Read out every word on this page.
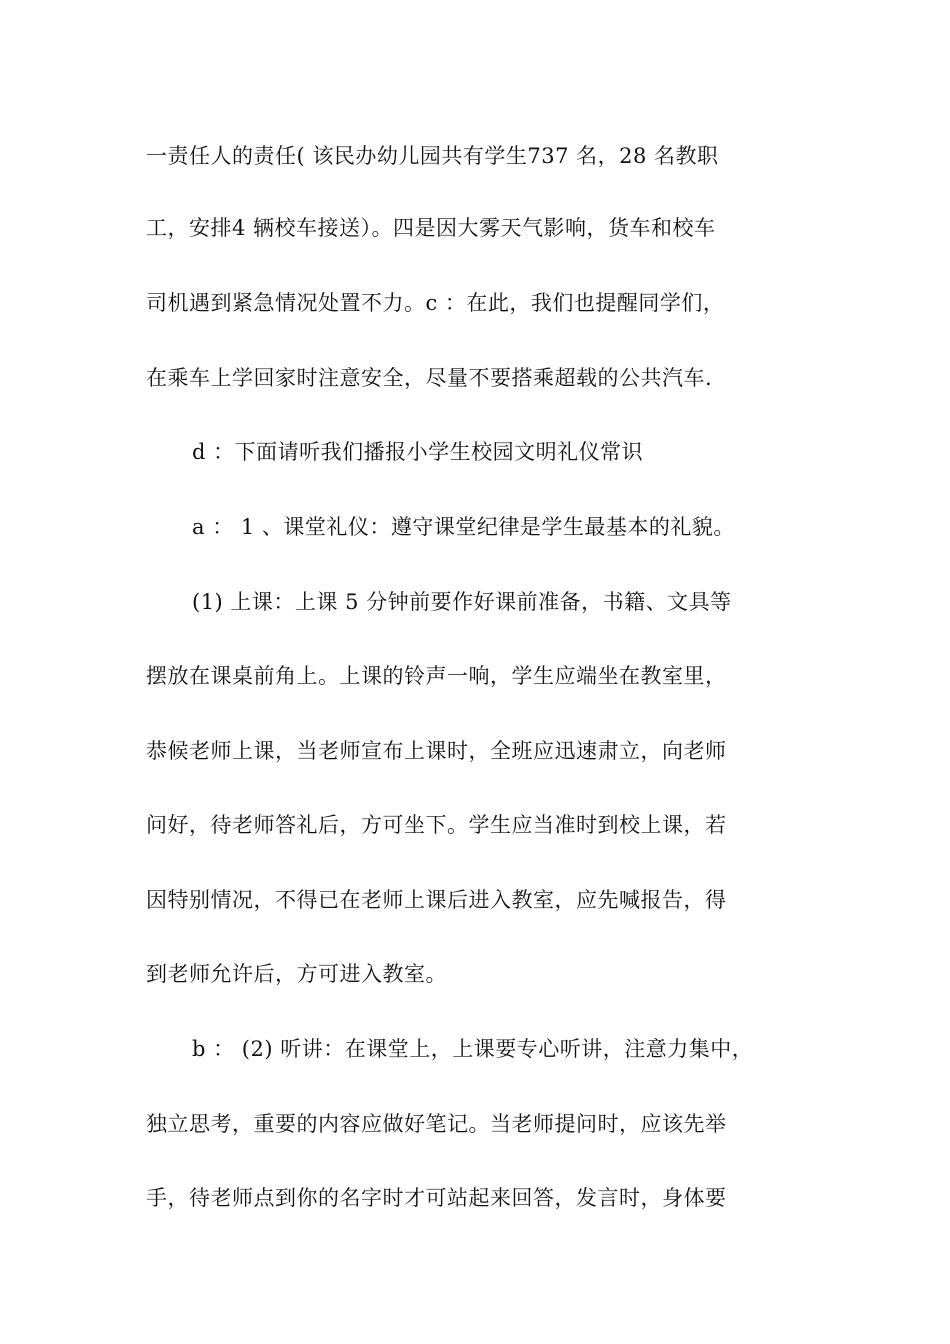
一责任人的责任( 该民办幼儿园共有学生737 名，28 名教职
工，安排4 辆校车接送）。四是因大雾天气影响，货车和校车
司机遇到紧急情况处置不力。c ：在此，我们也提醒同学们，
在乘车上学回家时注意安全，尽量不要搭乘超载的公共汽车.
d ：下面请听我们播报小学生校园文明礼仪常识
a ： 1 、课堂礼仪：遵守课堂纪律是学生最基本的礼貌。
(1) 上课：上课 5 分钟前要作好课前准备，书籍、文具等
摆放在课桌前角上。上课的铃声一响，学生应端坐在教室里，
恭候老师上课，当老师宣布上课时，全班应迅速肃立，向老师
问好，待老师答礼后，方可坐下。学生应当准时到校上课，若
因特别情况，不得已在老师上课后进入教室，应先喊报告，得
到老师允许后，方可进入教室。
b ： (2) 听讲：在课堂上，上课要专心听讲，注意力集中，
独立思考，重要的内容应做好笔记。当老师提问时，应该先举
手，待老师点到你的名字时才可站起来回答，发言时，身体要
